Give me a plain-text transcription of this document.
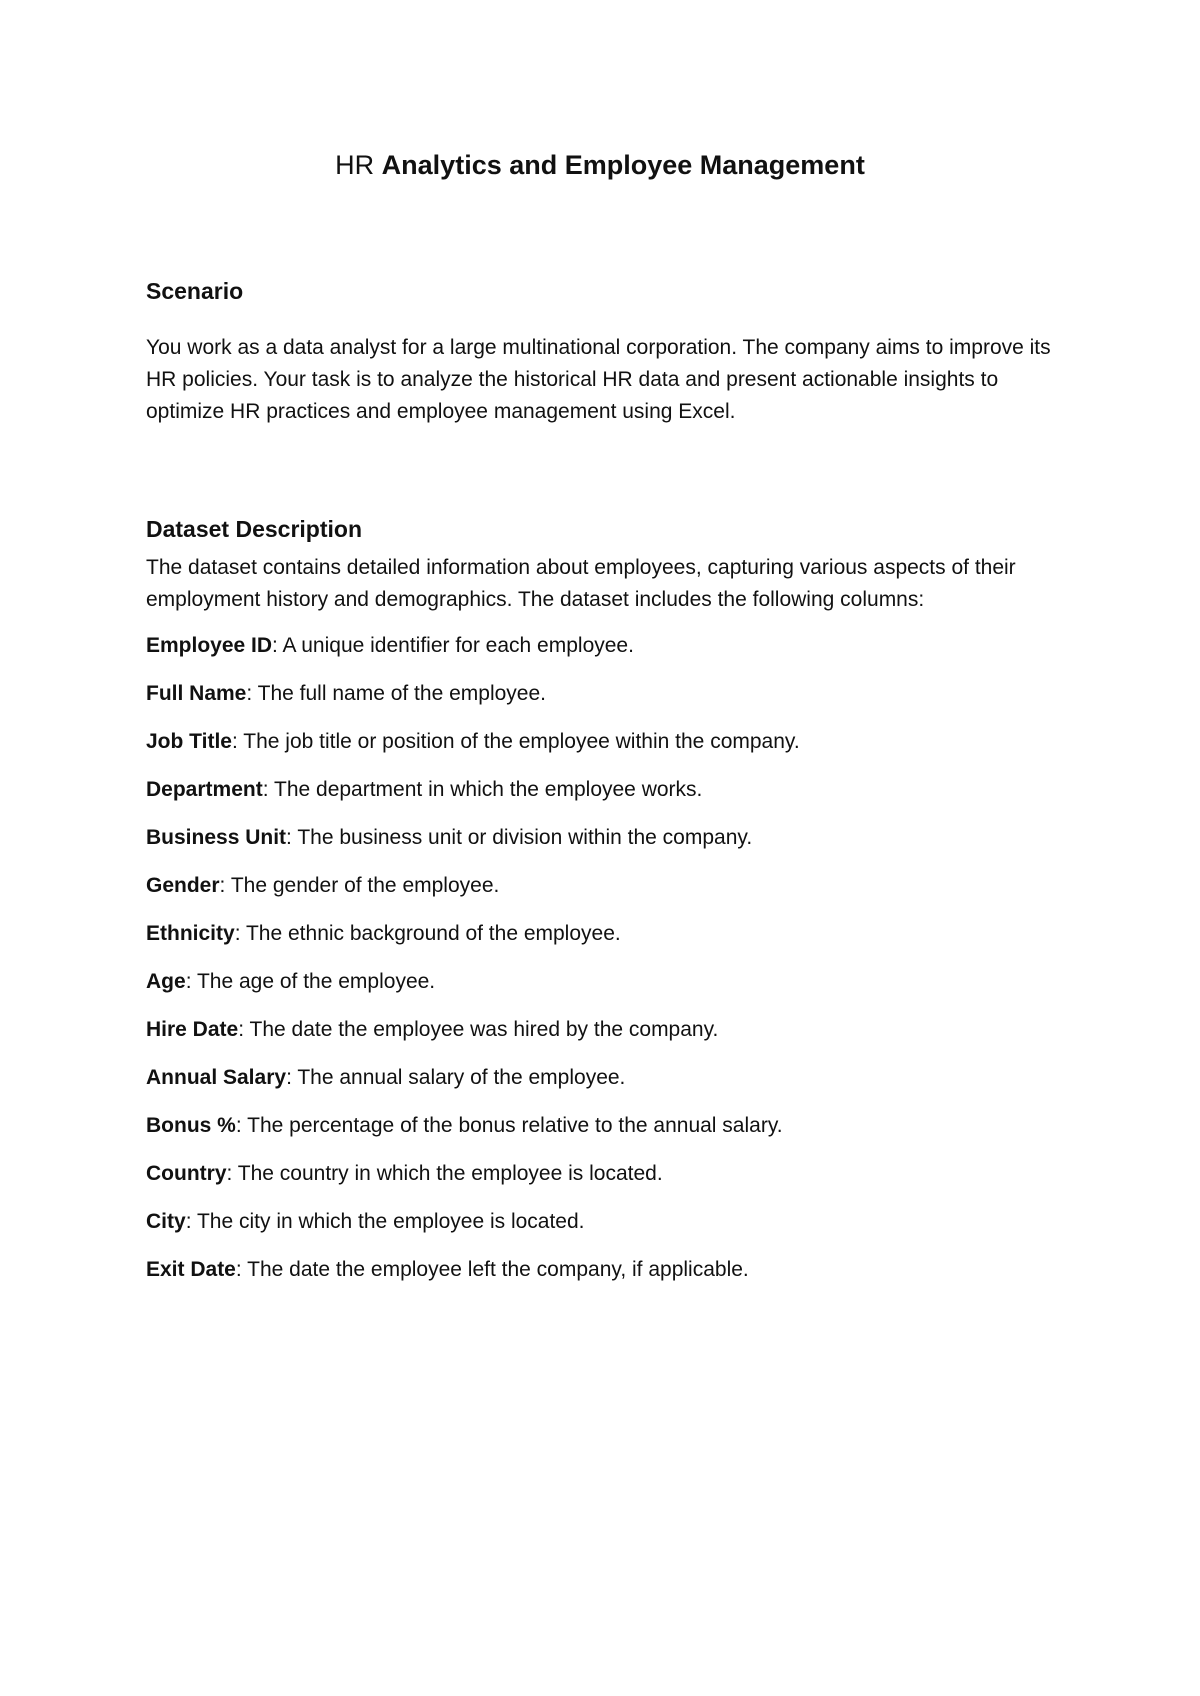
HR Analytics and Employee Management
Scenario

You work as a data analyst for a large multinational corporation. The company aims to improve its HR policies. Your task is to analyze the historical HR data and present actionable insights to optimize HR practices and employee management using Excel.

Dataset Description

The dataset contains detailed information about employees, capturing various aspects of their employment history and demographics. The dataset includes the following columns:

Employee ID: A unique identifier for each employee.
Full Name: The full name of the employee.
Job Title: The job title or position of the employee within the company.
Department: The department in which the employee works.
Business Unit: The business unit or division within the company.
Gender: The gender of the employee.
Ethnicity: The ethnic background of the employee.
Age: The age of the employee.
Hire Date: The date the employee was hired by the company.
Annual Salary: The annual salary of the employee.
Bonus %: The percentage of the bonus relative to the annual salary.
Country: The country in which the employee is located.
City: The city in which the employee is located.
Exit Date: The date the employee left the company, if applicable.
